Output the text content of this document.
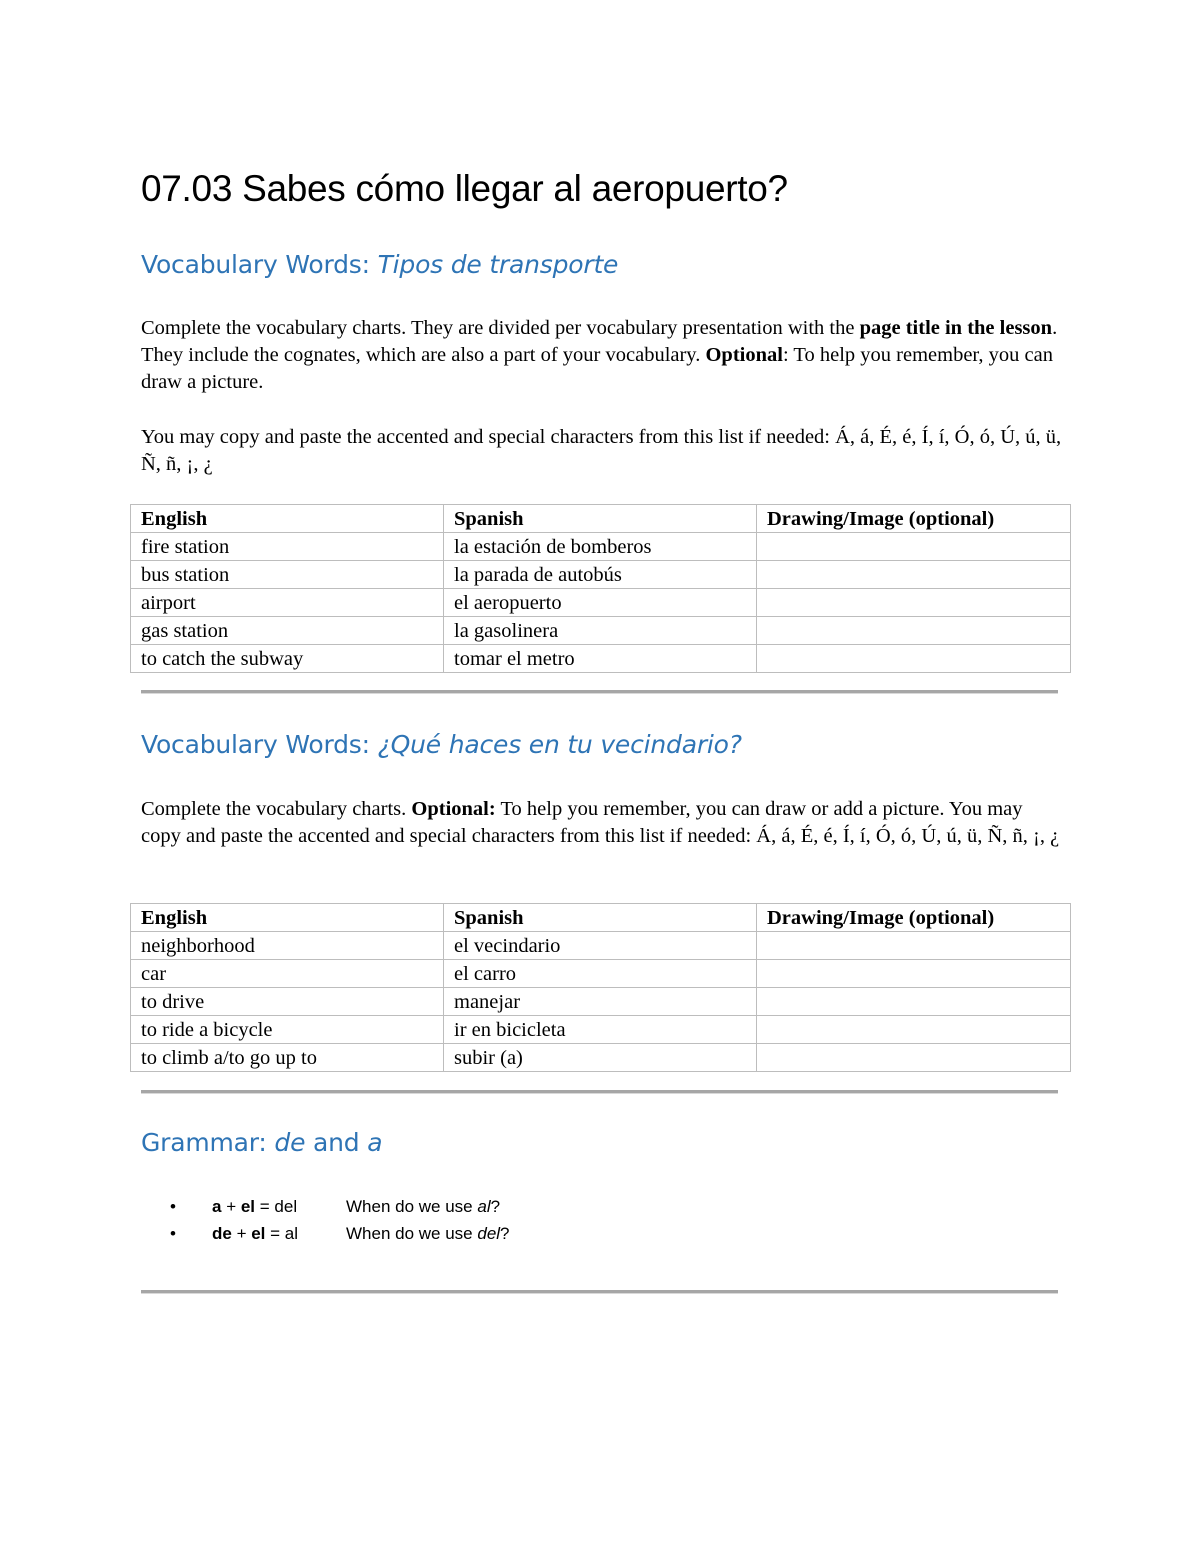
07.03 Sabes cómo llegar al aeropuerto?
Vocabulary Words: Tipos de transporte

Complete the vocabulary charts. They are divided per vocabulary presentation with the page title in the lesson. They include the cognates, which are also a part of your vocabulary. Optional: To help you remember, you can draw a picture.

You may copy and paste the accented and special characters from this list if needed: Á, á, É, é, Í, í, Ó, ó, Ú, ú, ü, Ñ, ñ, ¡, ¿

English	Spanish	Drawing/Image (optional)
fire station	la estación de bomberos	
bus station	la parada de autobús	
airport	el aeropuerto	
gas station	la gasolinera	
to catch the subway	tomar el metro	
Vocabulary Words: ¿Qué haces en tu vecindario?

Complete the vocabulary charts. Optional: To help you remember, you can draw or add a picture. You may copy and paste the accented and special characters from this list if needed: Á, á, É, é, Í, í, Ó, ó, Ú, ú, ü, Ñ, ñ, ¡, ¿

English	Spanish	Drawing/Image (optional)
neighborhood	el vecindario	
car	el carro	
to drive	manejar	
to ride a bicycle	ir en bicicleta	
to climb a/to go up to	subir (a)	
Grammar: de and a
•	a + el = del	When do we use al?
•	de + el = al	When do we use del?
